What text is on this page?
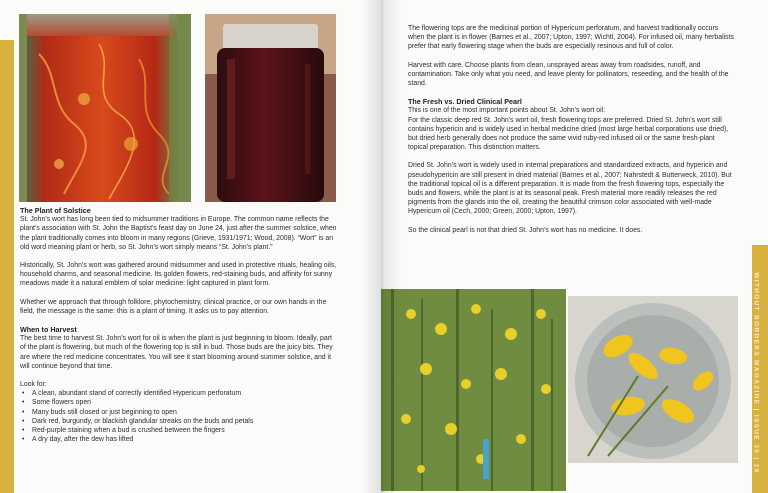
The Plant of Solstice

St. John’s wort has long been tied to midsummer traditions in Europe. The common name reflects the plant’s association with St. John the Baptist’s feast day on June 24, just after the summer solstice, when the plant traditionally comes into bloom in many regions (Grieve, 1931/1971; Wood, 2008). “Wort” is an old word meaning plant or herb, so St. John’s wort simply means “St. John’s plant.”

Historically, St. John’s wort was gathered around midsummer and used in protective rituals, healing oils, household charms, and seasonal medicine. Its golden flowers, red-staining buds, and affinity for sunny meadows made it a natural emblem of solar medicine: light captured in plant form.

Whether we approach that through folklore, phytochemistry, clinical practice, or our own hands in the field, the message is the same: this is a plant of timing. It asks us to pay attention.

When to Harvest

The best time to harvest St. John’s wort for oil is when the plant is just beginning to bloom. Ideally, part of the plant is flowering, but much of the flowering top is still in bud. Those buds are the juicy bits. They are where the red medicine concentrates. You will see it start blooming around summer solstice, and it will continue beyond that time.

Look for:
• A clean, abundant stand of correctly identified Hypericum perforatum
• Some flowers open
• Many buds still closed or just beginning to open
• Dark red, burgundy, or blackish glandular streaks on the buds and petals
• Red-purple staining when a bud is crushed between the fingers
• A dry day, after the dew has lifted

The flowering tops are the medicinal portion of Hypericum perforatum, and harvest traditionally occurs when the plant is in flower (Barnes et al., 2007; Upton, 1997; Wichtl, 2004). For infused oil, many herbalists prefer that early flowering stage when the buds are especially resinous and full of color.

Harvest with care. Choose plants from clean, unsprayed areas away from roadsides, runoff, and contamination. Take only what you need, and leave plenty for pollinators, reseeding, and the health of the stand.

The Fresh vs. Dried Clinical Pearl
This is one of the most important points about St. John’s wort oil:

For the classic deep red St. John’s wort oil, fresh flowering tops are preferred. Dried St. John’s wort still contains hypericin and is widely used in herbal medicine dried (most large herbal corporations use dried), but dried herb generally does not produce the same vivid ruby-red infused oil or the same fresh-plant topical preparation. This distinction matters.

Dried St. John’s wort is widely used in internal preparations and standardized extracts, and hypericin and pseudohypericin are still present in dried material (Barnes et al., 2007; Nahrstedt & Butterweck, 2010). But the traditional topical oil is a different preparation. It is made from the fresh flowering tops, especially the buds and flowers, while the plant is at its seasonal peak. Fresh material more readily releases the red pigments from the glands into the oil, creating the beautiful crimson color associated with well-made Hypericum oil (Cech, 2000; Green, 2000; Upton, 1997).

So the clinical pearl is not that dried St. John’s wort has no medicine. It does.

WITHOUT BORDERS MAGAZINE | ISSUE 30 | 19
